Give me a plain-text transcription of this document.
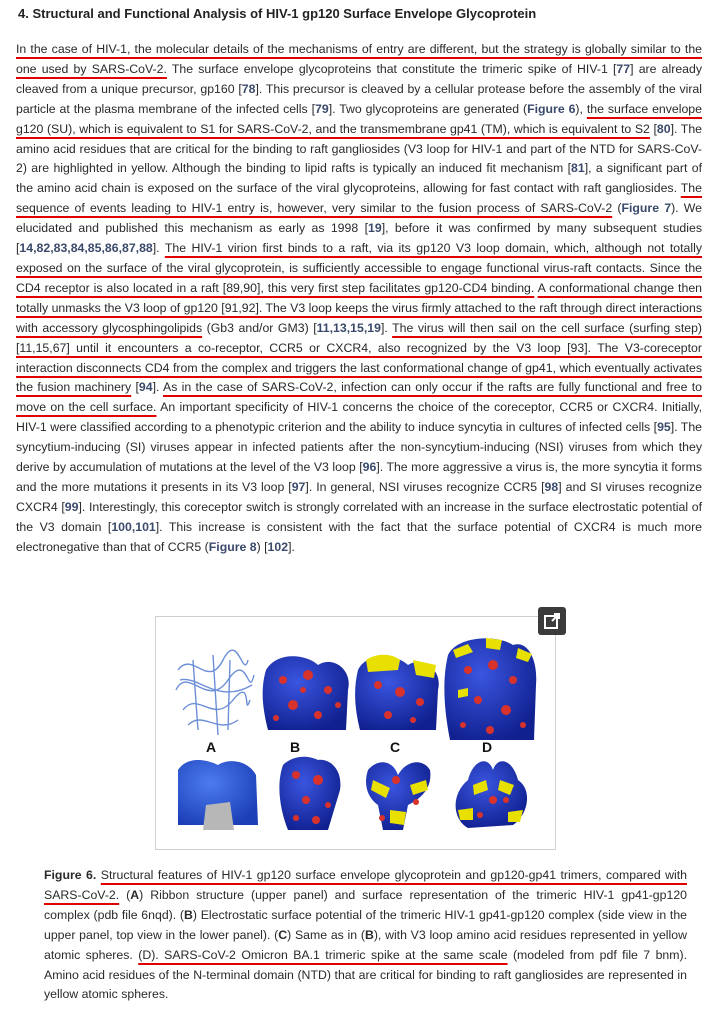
4. Structural and Functional Analysis of HIV-1 gp120 Surface Envelope Glycoprotein
In the case of HIV-1, the molecular details of the mechanisms of entry are different, but the strategy is globally similar to the one used by SARS-CoV-2. The surface envelope glycoproteins that constitute the trimeric spike of HIV-1 [77] are already cleaved from a unique precursor, gp160 [78]. This precursor is cleaved by a cellular protease before the assembly of the viral particle at the plasma membrane of the infected cells [79]. Two glycoproteins are generated (Figure 6), the surface envelope g120 (SU), which is equivalent to S1 for SARS-CoV-2, and the transmembrane gp41 (TM), which is equivalent to S2 [80]. The amino acid residues that are critical for the binding to raft gangliosides (V3 loop for HIV-1 and part of the NTD for SARS-CoV-2) are highlighted in yellow. Although the binding to lipid rafts is typically an induced fit mechanism [81], a significant part of the amino acid chain is exposed on the surface of the viral glycoproteins, allowing for fast contact with raft gangliosides. The sequence of events leading to HIV-1 entry is, however, very similar to the fusion process of SARS-CoV-2 (Figure 7). We elucidated and published this mechanism as early as 1998 [19], before it was confirmed by many subsequent studies [14,82,83,84,85,86,87,88]. The HIV-1 virion first binds to a raft, via its gp120 V3 loop domain, which, although not totally exposed on the surface of the viral glycoprotein, is sufficiently accessible to engage functional virus-raft contacts. Since the CD4 receptor is also located in a raft [89,90], this very first step facilitates gp120-CD4 binding. A conformational change then totally unmasks the V3 loop of gp120 [91,92]. The V3 loop keeps the virus firmly attached to the raft through direct interactions with accessory glycosphingolipids (Gb3 and/or GM3) [11,13,15,19]. The virus will then sail on the cell surface (surfing step) [11,15,67] until it encounters a co-receptor, CCR5 or CXCR4, also recognized by the V3 loop [93]. The V3-coreceptor interaction disconnects CD4 from the complex and triggers the last conformational change of gp41, which eventually activates the fusion machinery [94]. As in the case of SARS-CoV-2, infection can only occur if the rafts are fully functional and free to move on the cell surface. An important specificity of HIV-1 concerns the choice of the coreceptor, CCR5 or CXCR4. Initially, HIV-1 were classified according to a phenotypic criterion and the ability to induce syncytia in cultures of infected cells [95]. The syncytium-inducing (SI) viruses appear in infected patients after the non-syncytium-inducing (NSI) viruses from which they derive by accumulation of mutations at the level of the V3 loop [96]. The more aggressive a virus is, the more syncytia it forms and the more mutations it presents in its V3 loop [97]. In general, NSI viruses recognize CCR5 [98] and SI viruses recognize CXCR4 [99]. Interestingly, this coreceptor switch is strongly correlated with an increase in the surface electrostatic potential of the V3 domain [100,101]. This increase is consistent with the fact that the surface potential of CXCR4 is much more electronegative than that of CCR5 (Figure 8) [102].
A	B	C	D
Figure 6. Structural features of HIV-1 gp120 surface envelope glycoprotein and gp120-gp41 trimers, compared with SARS-CoV-2. (A) Ribbon structure (upper panel) and surface representation of the trimeric HIV-1 gp41-gp120 complex (pdb file 6nqd). (B) Electrostatic surface potential of the trimeric HIV-1 gp41-gp120 complex (side view in the upper panel, top view in the lower panel). (C) Same as in (B), with V3 loop amino acid residues represented in yellow atomic spheres. (D). SARS-CoV-2 Omicron BA.1 trimeric spike at the same scale (modeled from pdf file 7 bnm). Amino acid residues of the N-terminal domain (NTD) that are critical for binding to raft gangliosides are represented in yellow atomic spheres.
